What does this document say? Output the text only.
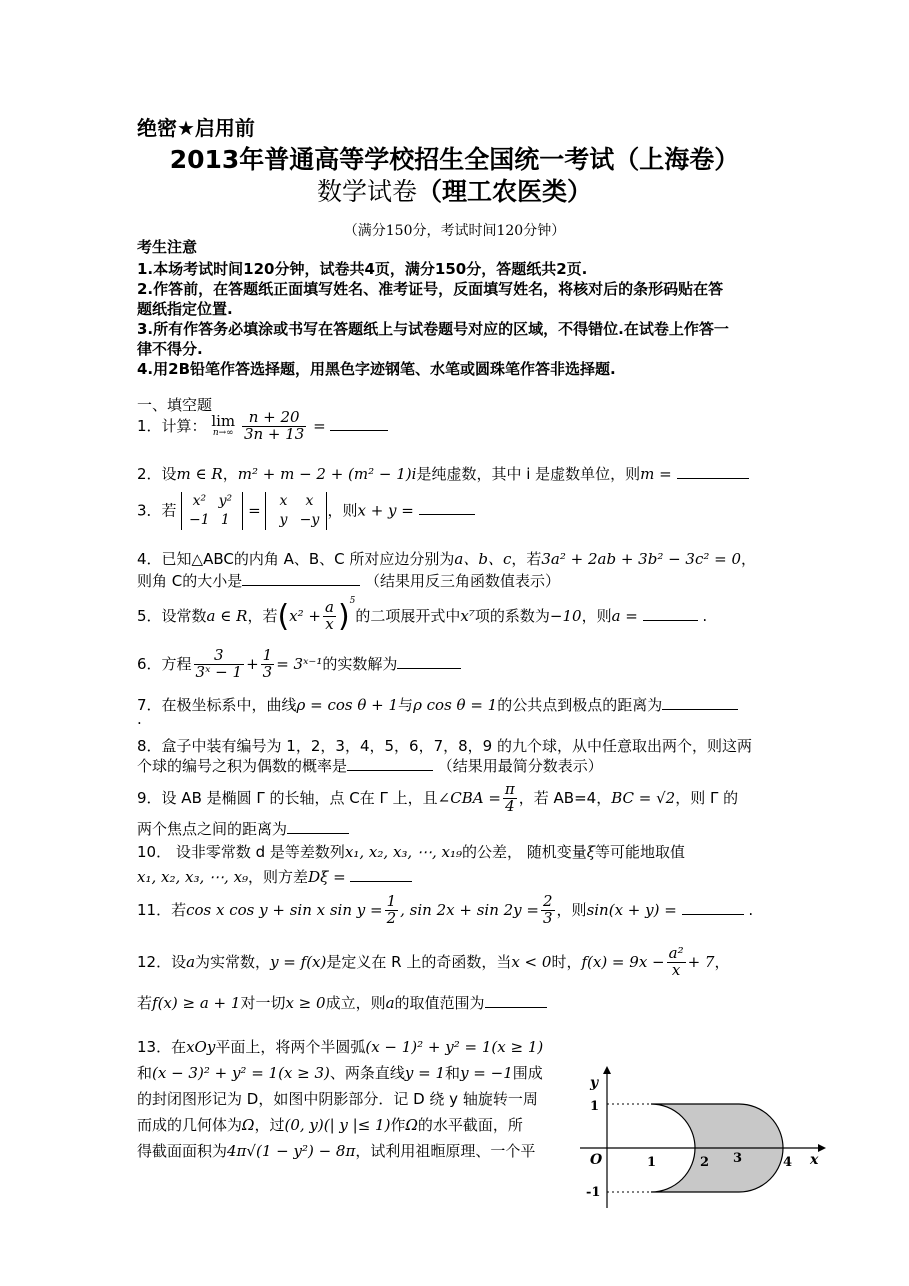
绝密★启用前
2013年普通高等学校招生全国统一考试（上海卷）
数学试卷（理工农医类）
（满分150分，考试时间120分钟）
考生注意
1.本场考试时间120分钟，试卷共4页，满分150分，答题纸共2页.
2.作答前，在答题纸正面填写姓名、准考证号，反面填写姓名，将核对后的条形码贴在答
题纸指定位置.
3.所有作答务必填涂或书写在答题纸上与试卷题号对应的区域，不得错位.在试卷上作答一
律不得分.
4.用2B铅笔作答选择题，用黑色字迹钢笔、水笔或圆珠笔作答非选择题.
一、填空题
1．计算： lim
n→∞
$\frac{n + 20}{3n + 13}$ =
2．设m ∈ R，m² + m − 2 + (m² − 1)i是纯虚数，其中 i 是虚数单位，则m =
3．若 x² y²
−1 1 = x x
y −y，则x + y =
4．已知△ABC的内角 A、B、C 所对应边分别为a、b、c，若3a² + 2ab + 3b² − 3c² = 0，
则角 C的大小是	（结果用反三角函数值表示）
5．设常数a ∈ R，若$(x^2 + \frac{a}{x} )^5$的二项展开式中x⁷项的系数为−10，则a =	.
6．方程 $\frac{3}{\text{3ˣ − 1}} + \frac{1}{3}$ = 3ˣ⁻¹的实数解为
7．在极坐标系中，曲线ρ = cos θ + 1与ρ cos θ = 1的公共点到极点的距离为
.
8．盒子中装有编号为 1，2，3，4，5，6，7，8，9 的九个球，从中任意取出两个，则这两
个球的编号之积为偶数的概率是	（结果用最简分数表示）
9．设 AB 是椭圆 Γ 的长轴，点 C在 Γ 上，且∠CBA = $\frac{\pi}{4}$ ，若 AB=4，BC = √2，则 Γ 的
两个焦点之间的距离为
10． 设非零常数 d 是等差数列x₁, x₂, x₃, ⋯, x₁₉的公差， 随机变量ξ等可能地取值
x₁, x₂, x₃, ⋯, x₉，则方差Dξ =
11．若cos x cos y + sin x $\sin y = \frac{1}{2}$ , $\sin 2x + \sin 2y = \frac{2}{3}$ ，则sin(x + y) =	.
12．设a为实常数，y = f(x)是定义在 R 上的奇函数，当x < 0时，$f(x) = 9x - \frac{\text{a²}}{x} + 7$，
若f(x) ≥ a + 1对一切x ≥ 0成立，则a的取值范围为
13．在xOy平面上，将两个半圆弧(x − 1)² + y² = 1(x ≥ 1)
和(x − 3)² + y² = 1(x ≥ 3)、两条直线y = 1和y = −1围成
的封闭图形记为 D，如图中阴影部分．记 D 绕 y 轴旋转一周
而成的几何体为Ω，过(0, y)(| y |≤ 1)作Ω的水平截面，所
得截面面积为4π√(1 − y²) − 8π，试利用祖暅原理、一个平
y
x
O
1
-1
1	2 3	4
